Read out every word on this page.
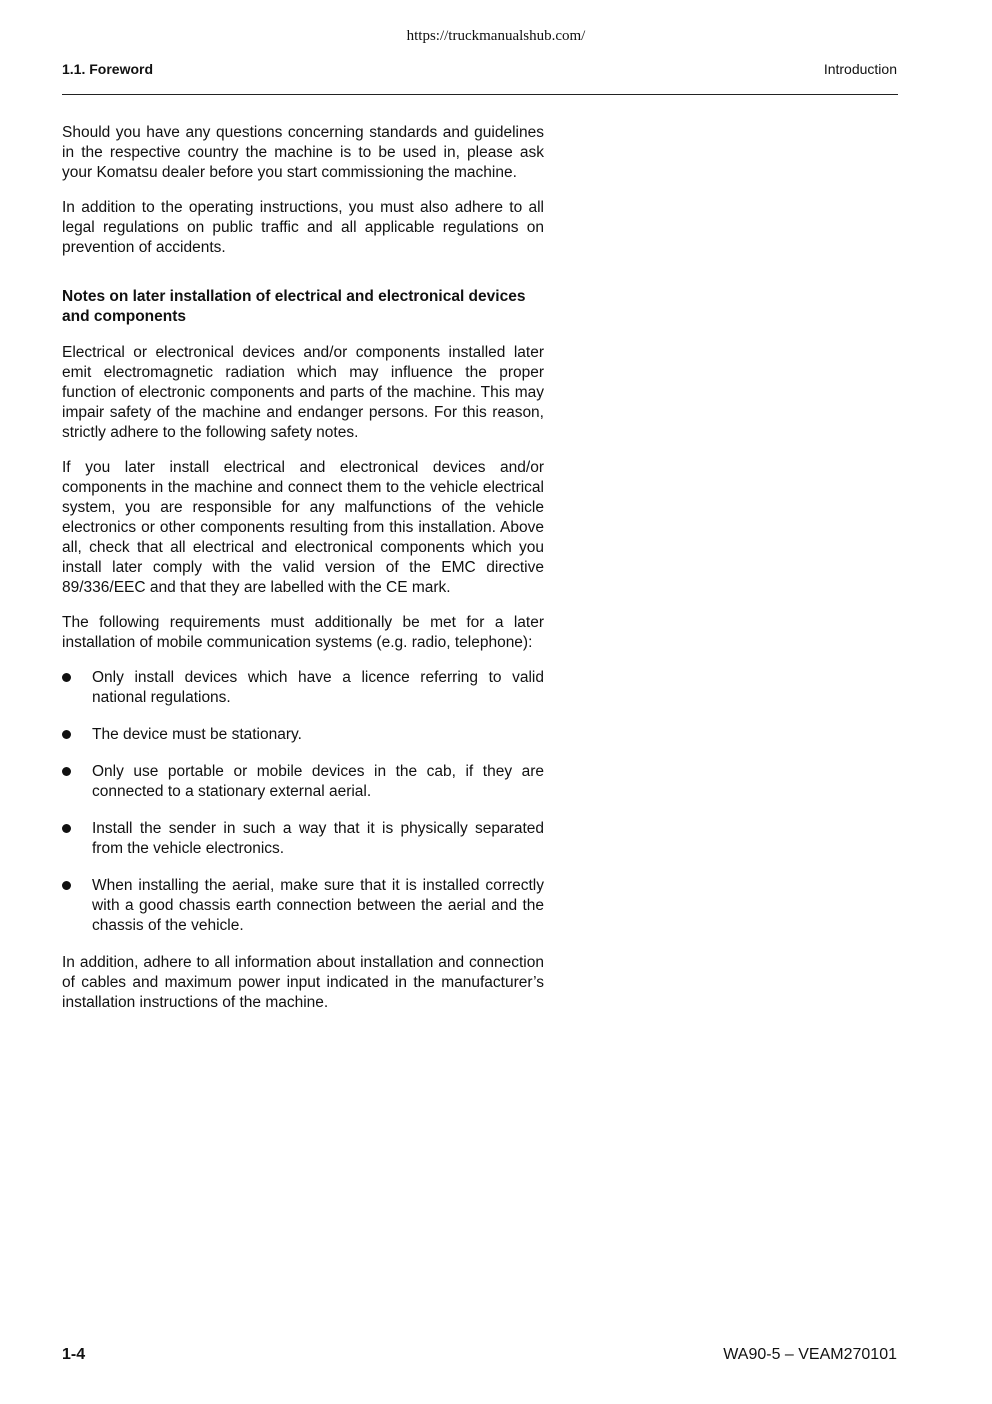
https://truckmanualshub.com/
1.1. Foreword	Introduction

Should you have any questions concerning standards and guidelines in the respective country the machine is to be used in, please ask your Komatsu dealer before you start commissioning the machine.

In addition to the operating instructions, you must also adhere to all legal regulations on public traffic and all applicable regulations on prevention of accidents.

Notes on later installation of electrical and electronical devices and components

Electrical or electronical devices and/or components installed later emit electromagnetic radiation which may influence the proper function of electronic components and parts of the machine. This may impair safety of the machine and endanger persons. For this reason, strictly adhere to the following safety notes.

If you later install electrical and electronical devices and/or components in the machine and connect them to the vehicle electrical system, you are responsible for any malfunctions of the vehicle electronics or other components resulting from this installation. Above all, check that all electrical and electronical components which you install later comply with the valid version of the EMC directive 89/336/EEC and that they are labelled with the CE mark.

The following requirements must additionally be met for a later installation of mobile communication systems (e.g. radio, telephone):

Only install devices which have a licence referring to valid national regulations.
The device must be stationary.
Only use portable or mobile devices in the cab, if they are connected to a stationary external aerial.
Install the sender in such a way that it is physically separated from the vehicle electronics.
When installing the aerial, make sure that it is installed correctly with a good chassis earth connection between the aerial and the chassis of the vehicle.

In addition, adhere to all information about installation and connection of cables and maximum power input indicated in the manufacturer’s installation instructions of the machine.

1-4	WA90-5 – VEAM270101
